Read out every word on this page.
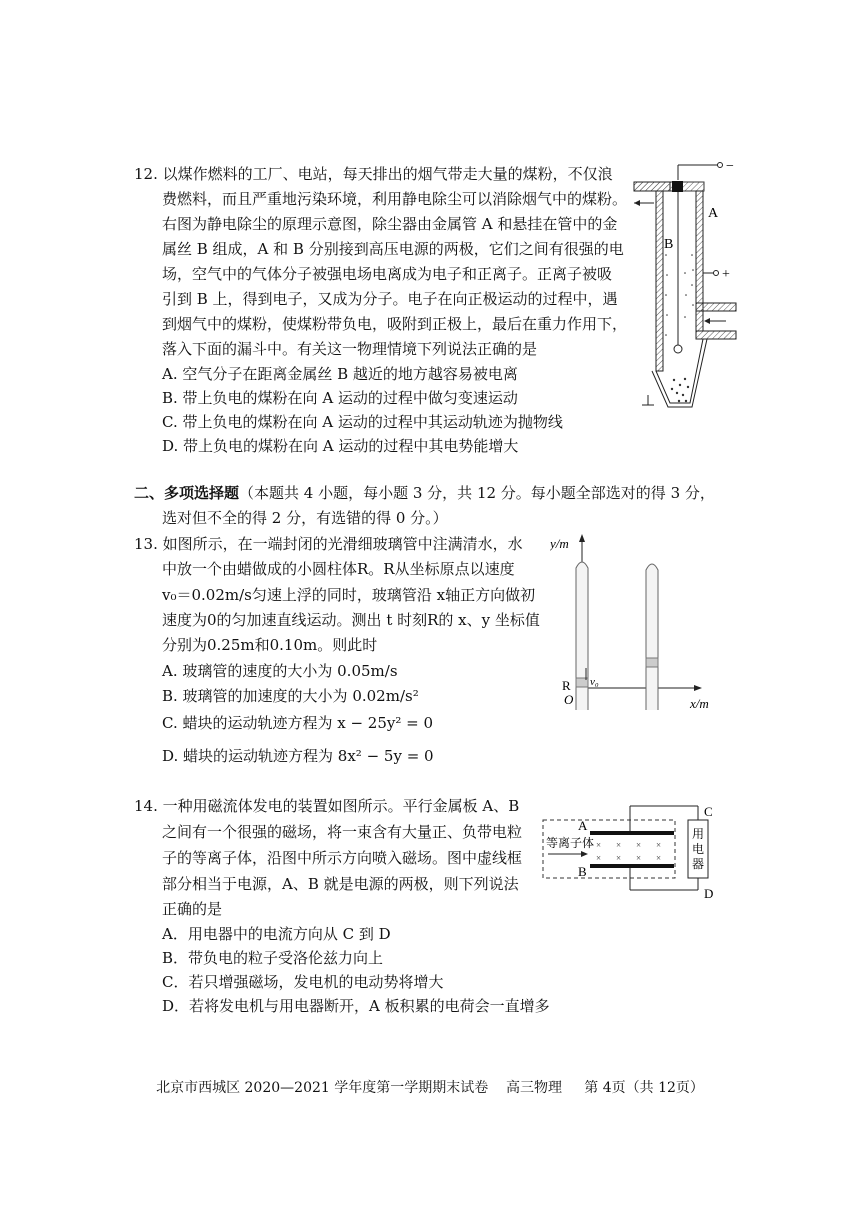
12. 以煤作燃料的工厂、电站，每天排出的烟气带走大量的煤粉，不仅浪
费燃料，而且严重地污染环境，利用静电除尘可以消除烟气中的煤粉。
右图为静电除尘的原理示意图，除尘器由金属管 A 和悬挂在管中的金
属丝 B 组成，A 和 B 分别接到高压电源的两极，它们之间有很强的电
场，空气中的气体分子被强电场电离成为电子和正离子。正离子被吸
引到 B 上，得到电子，又成为分子。电子在向正极运动的过程中，遇
到烟气中的煤粉，使煤粉带负电，吸附到正极上，最后在重力作用下，
落入下面的漏斗中。有关这一物理情境下列说法正确的是
A. 空气分子在距离金属丝 B 越近的地方越容易被电离
B. 带上负电的煤粉在向 A 运动的过程中做匀变速运动
C. 带上负电的煤粉在向 A 运动的过程中其运动轨迹为抛物线
D. 带上负电的煤粉在向 A 运动的过程中其电势能增大
−
B
A
+
二、多项选择题（本题共 4 小题，每小题 3 分，共 12 分。每小题全部选对的得 3 分，
选对但不全的得 2 分，有选错的得 0 分。）
13. 如图所示，在一端封闭的光滑细玻璃管中注满清水，水
中放一个由蜡做成的小圆柱体R。R从坐标原点以速度
v₀＝0.02m/s匀速上浮的同时，玻璃管沿 x轴正方向做初
速度为0的匀加速直线运动。测出 t 时刻R的 x、y 坐标值
分别为0.25m和0.10m。则此时
A. 玻璃管的速度的大小为 0.05m/s
B. 玻璃管的加速度的大小为 0.02m/s²
C. 蜡块的运动轨迹方程为 x − 25y² = 0
D. 蜡块的运动轨迹方程为 8x² − 5y = 0
y/m
x/m
O
v₀
R
14. 一种用磁流体发电的装置如图所示。平行金属板 A、B
之间有一个很强的磁场，将一束含有大量正、负带电粒
子的等离子体，沿图中所示方向喷入磁场。图中虚线框
部分相当于电源，A、B 就是电源的两极，则下列说法
正确的是
A．用电器中的电流方向从 C 到 D
B．带负电的粒子受洛伦兹力向上
C．若只增强磁场，发电机的电动势将增大
D．若将发电机与用电器断开，A 板积累的电荷会一直增多
A
B
等离子体 × × × ×
× × × ×
用电器
C
D
北京市西城区 2020—2021 学年度第一学期期末试卷    高三物理     第 4页（共 12页）
